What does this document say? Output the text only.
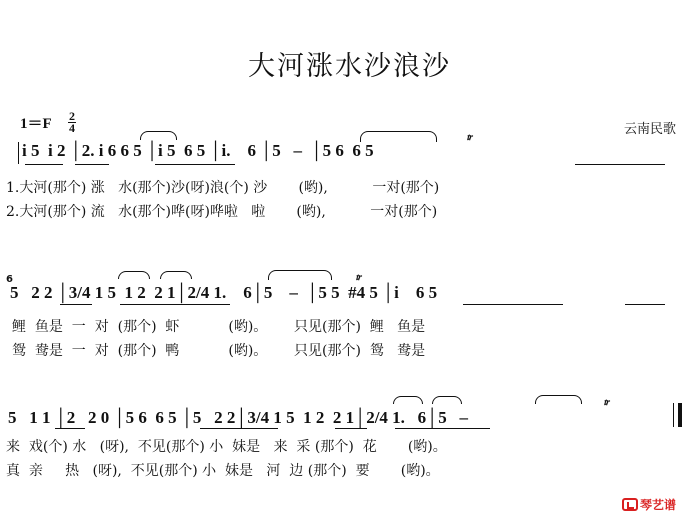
大河涨水沙浪沙
1＝F 2
4	云南民歌
i 5  i 2 │2. i 6 6 5 │i 5  6 5 │i.    6 │5   –  │5 6  6 5
1.大河(那个) 涨   水(那个)沙(呀)浪(个) 沙       (哟),          一对(那个)
2.大河(那个) 流   水(那个)哗(呀)哗啦   啦       (哟),          一对(那个)
𝆖
5   2 2 │3/4 1 5  1 2  2 1│2/4 1.    6│5    –  │5 5  #4 5 │i    6 5
鲤  鱼是  一  对  (那个)  虾           (哟)。      只见(那个)  鲤   鱼是
鸳  鸯是  一  对  (那个)  鸭           (哟)。      只见(那个)  鸳   鸯是
𝆖
6
5   1 1 │2   2 0 │5 6  6 5 │5   2 2│3/4 1 5  1 2  2 1│2/4 1.   6│5   –
来  戏(个) 水   (呀),  不见(那个) 小  妹是   来  采 (那个)  花       (哟)。
真  亲     热   (呀),  不见(那个) 小  妹是   河  边 (那个)  要       (哟)。
𝆖
琴艺谱
